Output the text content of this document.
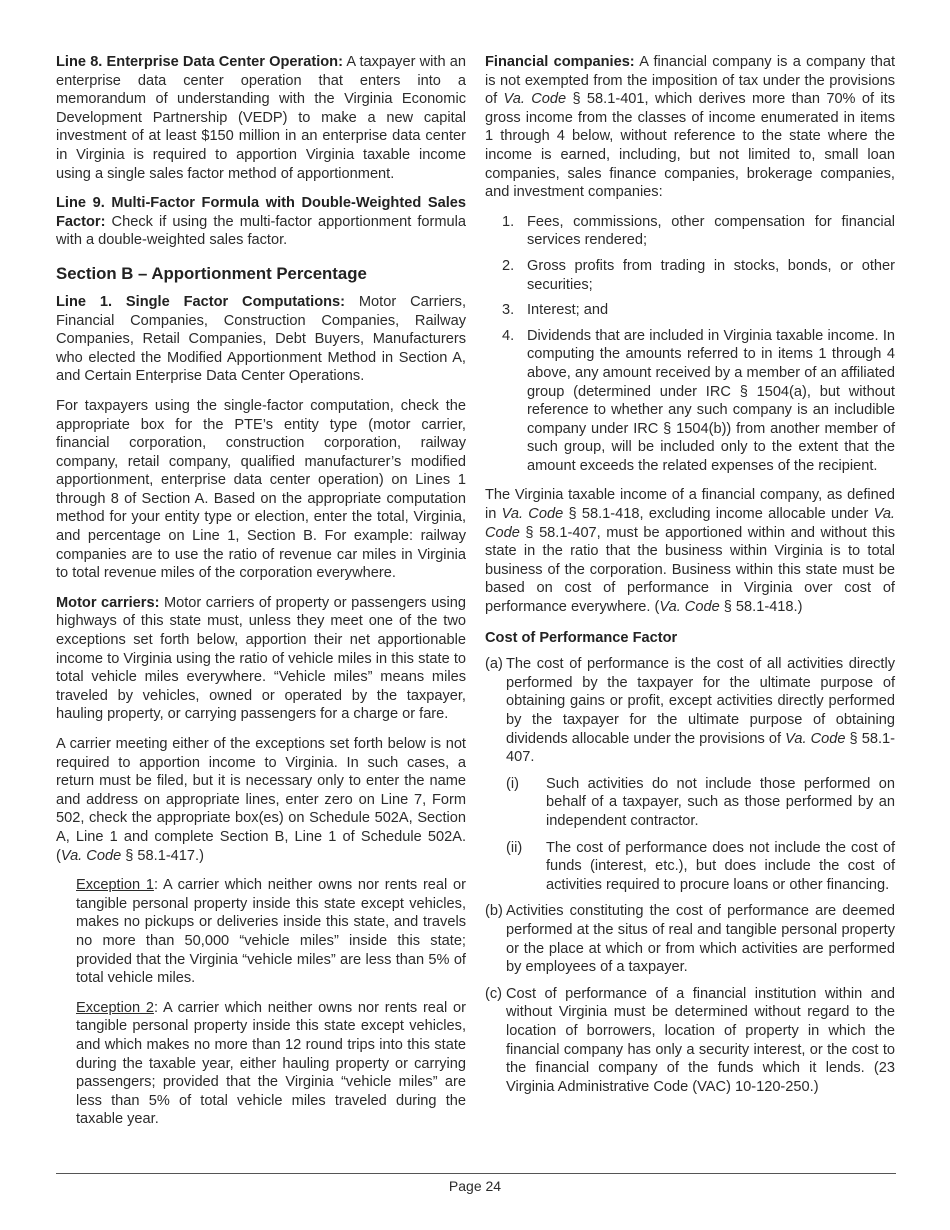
Line 8. Enterprise Data Center Operation: A taxpayer with an enterprise data center operation that enters into a memorandum of understanding with the Virginia Economic Development Partnership (VEDP) to make a new capital investment of at least $150 million in an enterprise data center in Virginia is required to apportion Virginia taxable income using a single sales factor method of apportionment.

Line 9. Multi-Factor Formula with Double-Weighted Sales Factor: Check if using the multi-factor apportionment formula with a double-weighted sales factor.

Section B – Apportionment Percentage

Line 1. Single Factor Computations: Motor Carriers, Financial Companies, Construction Companies, Railway Companies, Retail Companies, Debt Buyers, Manufacturers who elected the Modified Apportionment Method in Section A, and Certain Enterprise Data Center Operations.

For taxpayers using the single-factor computation, check the appropriate box for the PTE’s entity type (motor carrier, financial corporation, construction corporation, railway company, retail company, qualified manufacturer’s modified apportionment, enterprise data center operation) on Lines 1 through 8 of Section A. Based on the appropriate computation method for your entity type or election, enter the total, Virginia, and percentage on Line 1, Section B. For example: railway companies are to use the ratio of revenue car miles in Virginia to total revenue miles of the corporation everywhere.

Motor carriers: Motor carriers of property or passengers using highways of this state must, unless they meet one of the two exceptions set forth below, apportion their net apportionable income to Virginia using the ratio of vehicle miles in this state to total vehicle miles everywhere. “Vehicle miles” means miles traveled by vehicles, owned or operated by the taxpayer, hauling property, or carrying passengers for a charge or fare.

A carrier meeting either of the exceptions set forth below is not required to apportion income to Virginia. In such cases, a return must be filed, but it is necessary only to enter the name and address on appropriate lines, enter zero on Line 7, Form 502, check the appropriate box(es) on Schedule 502A, Section A, Line 1 and complete Section B, Line 1 of Schedule 502A. (Va. Code § 58.1-417.)

Exception 1: A carrier which neither owns nor rents real or tangible personal property inside this state except vehicles, makes no pickups or deliveries inside this state, and travels no more than 50,000 “vehicle miles” inside this state; provided that the Virginia “vehicle miles” are less than 5% of total vehicle miles.

Exception 2: A carrier which neither owns nor rents real or tangible personal property inside this state except vehicles, and which makes no more than 12 round trips into this state during the taxable year, either hauling property or carrying passengers; provided that the Virginia “vehicle miles” are less than 5% of total vehicle miles traveled during the taxable year.

Financial companies: A financial company is a company that is not exempted from the imposition of tax under the provisions of Va. Code § 58.1-401, which derives more than 70% of its gross income from the classes of income enumerated in items 1 through 4 below, without reference to the state where the income is earned, including, but not limited to, small loan companies, sales finance companies, brokerage companies, and investment companies:

1. Fees, commissions, other compensation for financial services rendered;
2. Gross profits from trading in stocks, bonds, or other securities;
3. Interest; and
4. Dividends that are included in Virginia taxable income. In computing the amounts referred to in items 1 through 4 above, any amount received by a member of an affiliated group (determined under IRC § 1504(a), but without reference to whether any such company is an includible company under IRC § 1504(b)) from another member of such group, will be included only to the extent that the amount exceeds the related expenses of the recipient.

The Virginia taxable income of a financial company, as defined in Va. Code § 58.1-418, excluding income allocable under Va. Code § 58.1-407, must be apportioned within and without this state in the ratio that the business within Virginia is to total business of the corporation. Business within this state must be based on cost of performance in Virginia over cost of performance everywhere. (Va. Code § 58.1-418.)

Cost of Performance Factor
(a) The cost of performance is the cost of all activities directly performed by the taxpayer for the ultimate purpose of obtaining gains or profit, except activities directly performed by the taxpayer for the ultimate purpose of obtaining dividends allocable under the provisions of Va. Code § 58.1-407.
(i)	Such activities do not include those performed on behalf of a taxpayer, such as those performed by an independent contractor.
(ii)	The cost of performance does not include the cost of funds (interest, etc.), but does include the cost of activities required to procure loans or other financing.
(b) Activities constituting the cost of performance are deemed performed at the situs of real and tangible personal property or the place at which or from which activities are performed by employees of a taxpayer.
(c) Cost of performance of a financial institution within and without Virginia must be determined without regard to the location of borrowers, location of property in which the financial company has only a security interest, or the cost to the financial company of the funds which it lends. (23 Virginia Administrative Code (VAC) 10-120-250.)
Page 24
